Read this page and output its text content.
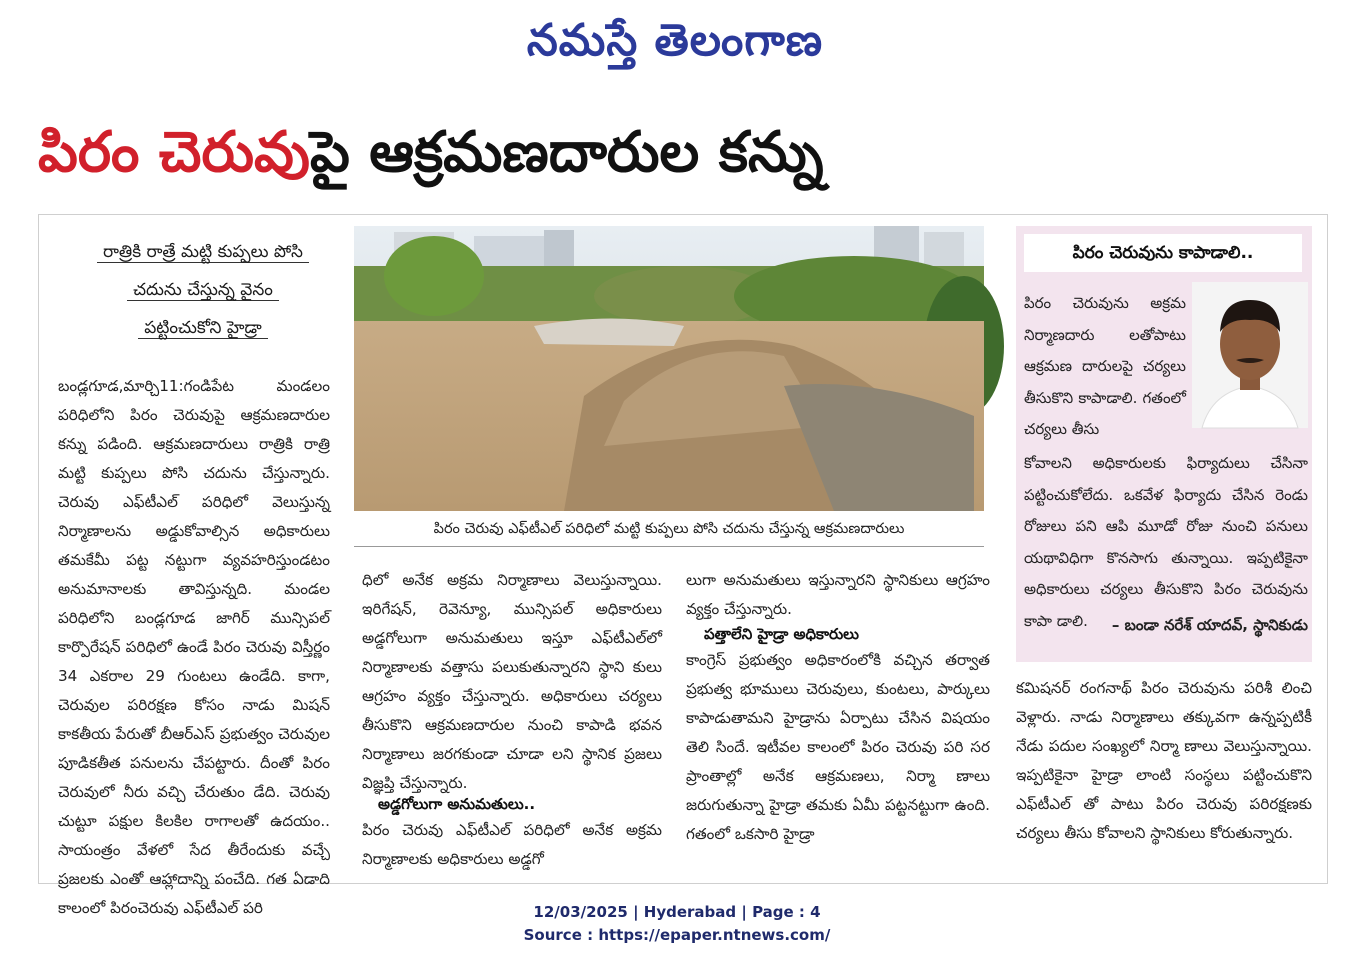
నమస్తే తెలంగాణ
పిరం చెరువుపై ఆక్రమణదారుల కన్ను
రాత్రికి రాత్రే మట్టి కుప్పలు పోసి
చదును చేస్తున్న వైనం
పట్టించుకోని హైడ్రా

బండ్లగూడ,మార్చి11:గండిపేట మండలం పరిధిలోని పిరం చెరువుపై ఆక్రమణదారుల కన్ను పడింది. ఆక్రమణదారులు రాత్రికి రాత్రి మట్టి కుప్పలు పోసి చదును చేస్తున్నారు. చెరువు ఎఫ్‌టీఎల్ పరిధిలో వెలుస్తున్న నిర్మాణాలను అడ్డుకోవాల్సిన అధికారులు తమకేమీ పట్ట నట్టుగా వ్యవహరిస్తుండటం అనుమానాలకు తావిస్తున్నది. మండల పరిధిలోని బండ్లగూడ జాగిర్ మున్సిపల్ కార్పొరేషన్ పరిధిలో ఉండే పిరం చెరువు విస్తీర్ణం 34 ఎకరాల 29 గుంటలు ఉండేది. కాగా, చెరువుల పరిరక్షణ కోసం నాడు మిషన్ కాకతీయ పేరుతో బీఆర్ఎస్ ప్రభుత్వం చెరువుల పూడికతీత పనులను చేపట్టారు. దీంతో పిరం చెరువులో నీరు వచ్చి చేరుతుం డేది. చెరువు చుట్టూ పక్షుల కిలకిల రాగాలతో ఉదయం.. సాయంత్రం వేళలో సేద తీరేందుకు వచ్చే ప్రజలకు ఎంతో ఆహ్లాదాన్ని పంచేది. గత ఏడాది కాలంలో పిరంచెరువు ఎఫ్‌టీఎల్ పరి

పిరం చెరువు ఎఫ్‌టీఎల్ పరిధిలో మట్టి కుప్పలు పోసి చదును చేస్తున్న ఆక్రమణదారులు

ధిలో అనేక అక్రమ నిర్మాణాలు వెలుస్తున్నాయి. ఇరిగేషన్, రెవెన్యూ, మున్సిపల్ అధికారులు అడ్డగోలుగా అనుమతులు ఇస్తూ ఎఫ్‌టీఎల్‌లో నిర్మాణాలకు వత్తాసు పలుకుతున్నారని స్థాని కులు ఆగ్రహం వ్యక్తం చేస్తున్నారు. అధికారులు చర్యలు తీసుకొని ఆక్రమణదారుల నుంచి కాపాడి భవన నిర్మాణాలు జరగకుండా చూడా లని స్థానిక ప్రజలు విజ్ఞప్తి చేస్తున్నారు.

అడ్డగోలుగా అనుమతులు..

పిరం చెరువు ఎఫ్‌టీఎల్ పరిధిలో అనేక అక్రమ నిర్మాణాలకు అధికారులు అడ్డగో

లుగా అనుమతులు ఇస్తున్నారని స్థానికులు ఆగ్రహం వ్యక్తం చేస్తున్నారు.

పత్తాలేని హైడ్రా అధికారులు

కాంగ్రెస్ ప్రభుత్వం అధికారంలోకి వచ్చిన తర్వాత ప్రభుత్వ భూములు చెరువులు, కుంటలు, పార్కులు కాపాడుతామని హైడ్రాను ఏర్పాటు చేసిన విషయం తెలి సిందే. ఇటీవల కాలంలో పిరం చెరువు పరి సర ప్రాంతాల్లో అనేక ఆక్రమణలు, నిర్మా ణాలు జరుగుతున్నా హైడ్రా తమకు ఏమీ పట్టనట్టుగా ఉంది. గతంలో ఒకసారి హైడ్రా

పిరం చెరువును కాపాడాలి..
పిరం చెరువును అక్రమ నిర్మాణదారు లతోపాటు ఆక్రమణ దారులపై చర్యలు తీసుకొని కాపాడాలి. గతంలో చర్యలు తీసు
కోవాలని అధికారులకు ఫిర్యాదులు చేసినా పట్టించుకోలేదు. ఒకవేళ ఫిర్యాదు చేసిన రెండు రోజులు పని ఆపి మూడో రోజు నుంచి పనులు యథావిధిగా కొనసాగు తున్నాయి. ఇప్పటికైనా అధికారులు చర్యలు తీసుకొని పిరం చెరువును కాపా డాలి.	– బండా నరేశ్ యాదవ్, స్థానికుడు

కమిషనర్ రంగనాథ్ పిరం చెరువును పరిశీ లించి వెళ్లారు. నాడు నిర్మాణాలు తక్కువగా ఉన్నప్పటికీ నేడు పదుల సంఖ్యలో నిర్మా ణాలు వెలుస్తున్నాయి. ఇప్పటికైనా హైడ్రా లాంటి సంస్థలు పట్టించుకొని ఎఫ్‌టీఎల్ తో పాటు పిరం చెరువు పరిరక్షణకు చర్యలు తీసు కోవాలని స్థానికులు కోరుతున్నారు.

12/03/2025 | Hyderabad | Page : 4
Source : https://epaper.ntnews.com/
